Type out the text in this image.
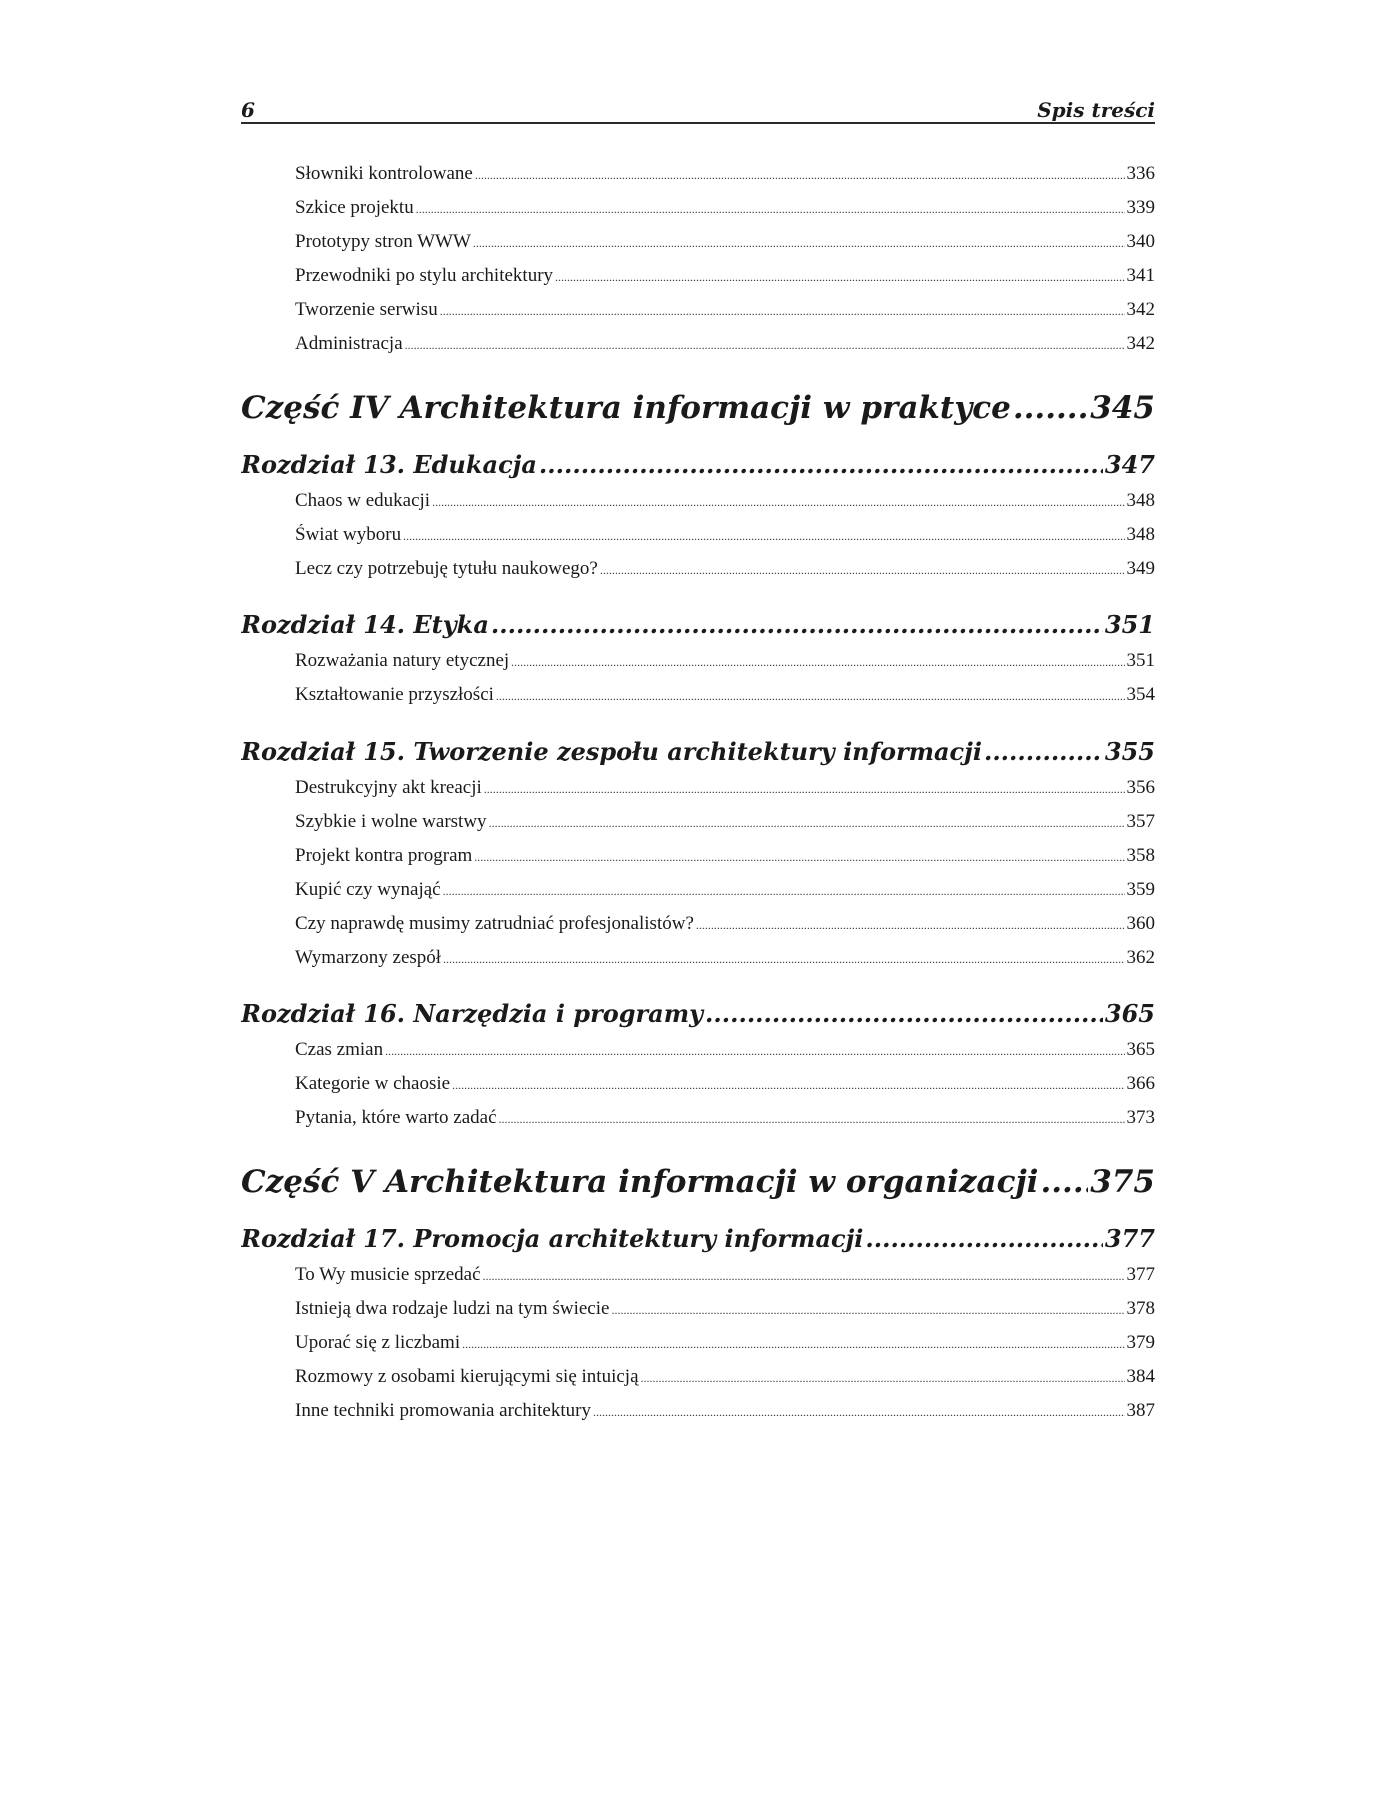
6	Spis treści
Słowniki kontrolowane .....	336
Szkice projektu .....	339
Prototypy stron WWW .....	340
Przewodniki po stylu architektury .....	341
Tworzenie serwisu .....	342
Administracja .....	342
Część IV Architektura informacji w praktyce .....	345
Rozdział 13. Edukacja .....	347
Chaos w edukacji .....	348
Świat wyboru .....	348
Lecz czy potrzebuję tytułu naukowego? .....	349
Rozdział 14. Etyka .....	351
Rozważania natury etycznej .....	351
Kształtowanie przyszłości .....	354
Rozdział 15. Tworzenie zespołu architektury informacji .....	355
Destrukcyjny akt kreacji .....	356
Szybkie i wolne warstwy .....	357
Projekt kontra program .....	358
Kupić czy wynająć .....	359
Czy naprawdę musimy zatrudniać profesjonalistów? .....	360
Wymarzony zespół .....	362
Rozdział 16. Narzędzia i programy .....	365
Czas zmian .....	365
Kategorie w chaosie .....	366
Pytania, które warto zadać .....	373
Część V Architektura informacji w organizacji ..... 375
Rozdział 17. Promocja architektury informacji .....	377
To Wy musicie sprzedać .....	377
Istnieją dwa rodzaje ludzi na tym świecie .....	378
Uporać się z liczbami .....	379
Rozmowy z osobami kierującymi się intuicją .....	384
Inne techniki promowania architektury .....	387
